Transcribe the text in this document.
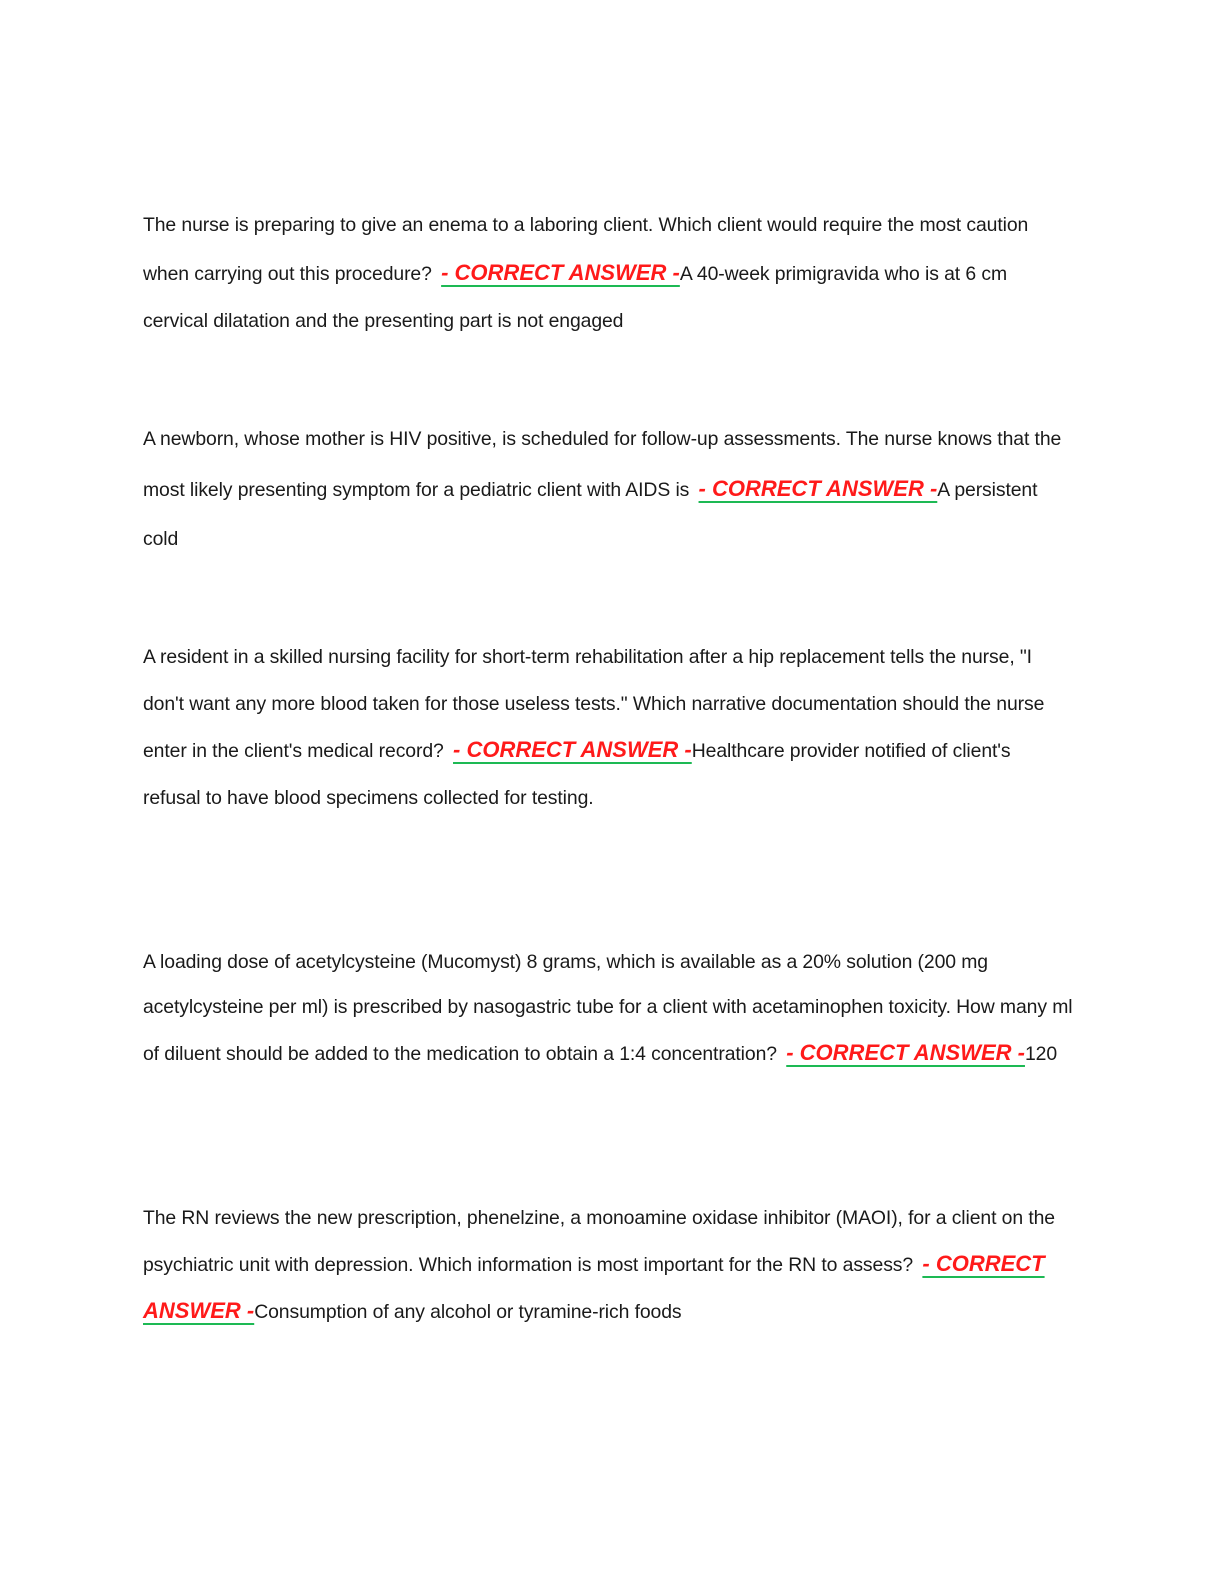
The nurse is preparing to give an enema to a laboring client. Which client would require the most caution when carrying out this procedure? - CORRECT ANSWER -A 40-week primigravida who is at 6 cm cervical dilatation and the presenting part is not engaged

A newborn, whose mother is HIV positive, is scheduled for follow-up assessments. The nurse knows that the most likely presenting symptom for a pediatric client with AIDS is - CORRECT ANSWER -A persistent cold

A resident in a skilled nursing facility for short-term rehabilitation after a hip replacement tells the nurse, "I don't want any more blood taken for those useless tests." Which narrative documentation should the nurse enter in the client's medical record? - CORRECT ANSWER -Healthcare provider notified of client's refusal to have blood specimens collected for testing.

A loading dose of acetylcysteine (Mucomyst) 8 grams, which is available as a 20% solution (200 mg acetylcysteine per ml) is prescribed by nasogastric tube for a client with acetaminophen toxicity. How many ml of diluent should be added to the medication to obtain a 1:4 concentration? - CORRECT ANSWER -120

The RN reviews the new prescription, phenelzine, a monoamine oxidase inhibitor (MAOI), for a client on the psychiatric unit with depression. Which information is most important for the RN to assess? - CORRECT ANSWER -Consumption of any alcohol or tyramine-rich foods
